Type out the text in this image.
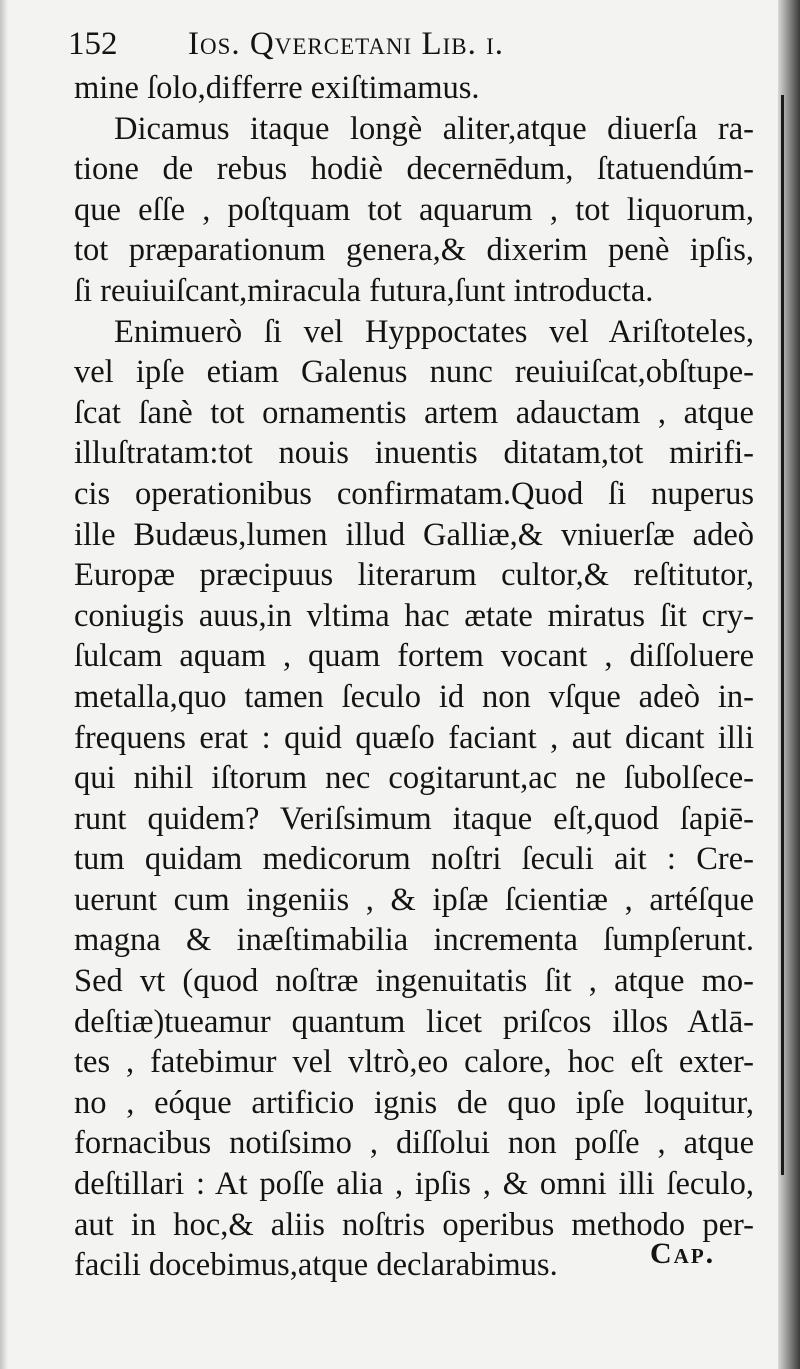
152 Ios. Qvercetani Lib. i.
mine ſolo,differre exiſtimamus.
Dicamus itaque longè aliter,atque diuerſa ra-
tione de rebus hodiè decernēdum, ſtatuendúm-
que eſſe , poſtquam tot aquarum , tot liquorum,
tot præparationum genera,& dixerim penè ipſis,
ſi reuiuiſcant,miracula futura,ſunt introducta.
Enimuerò ſi vel Hyppoctates vel Ariſtoteles,
vel ipſe etiam Galenus nunc reuiuiſcat,obſtupe-
ſcat ſanè tot ornamentis artem adauctam , atque
illuſtratam:tot nouis inuentis ditatam,tot mirifi-
cis operationibus confirmatam.Quod ſi nuperus
ille Budæus,lumen illud Galliæ,& vniuerſæ adeò
Europæ præcipuus literarum cultor,& reſtitutor,
coniugis auus,in vltima hac ætate miratus ſit cry-
ſulcam aquam , quam fortem vocant , diſſoluere
metalla,quo tamen ſeculo id non vſque adeò in-
frequens erat : quid quæſo faciant , aut dicant illi
qui nihil iſtorum nec cogitarunt,ac ne ſubolſece-
runt quidem? Veriſsimum itaque eſt,quod ſapiē-
tum quidam medicorum noſtri ſeculi ait : Cre-
uerunt cum ingeniis , & ipſæ ſcientiæ , artéſque
magna & inæſtimabilia incrementa ſumpſerunt.
Sed vt (quod noſtræ ingenuitatis ſit , atque mo-
deſtiæ)tueamur quantum licet priſcos illos Atlā-
tes , fatebimur vel vltrò,eo calore, hoc eſt exter-
no , eóque artificio ignis de quo ipſe loquitur,
fornacibus notiſsimo , diſſolui non poſſe , atque
deſtillari : At poſſe alia , ipſis , & omni illi ſeculo,
aut in hoc,& aliis noſtris operibus methodo per-
facili docebimus,atque declarabimus.	Cap.
